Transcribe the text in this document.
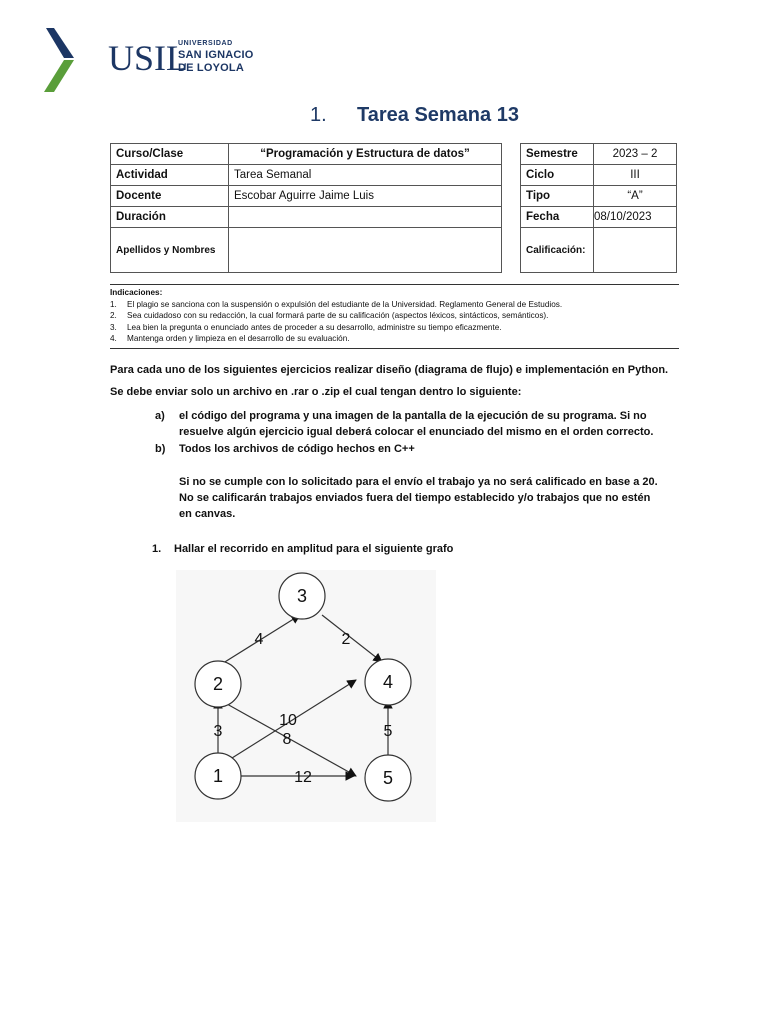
USIL
UNIVERSIDAD
SAN IGNACIO
DE LOYOLA
1.	Tarea Semana 13
Curso/Clase	“Programación y Estructura de datos”
Actividad	Tarea Semanal
Docente	Escobar Aguirre Jaime Luis
Duración	
Apellidos y Nombres	
Semestre	2023 – 2
Ciclo	III
Tipo	“A”
Fecha	08/10/2023
Calificación:	
Indicaciones:
1.	El plagio se sanciona con la suspensión o expulsión del estudiante de la Universidad. Reglamento General de Estudios.
2.	Sea cuidadoso con su redacción, la cual formará parte de su calificación (aspectos léxicos, sintácticos, semánticos).
3.	Lea bien la pregunta o enunciado antes de proceder a su desarrollo, administre su tiempo eficazmente.
4.	Mantenga orden y limpieza en el desarrollo de su evaluación.
Para cada uno de los siguientes ejercicios realizar diseño (diagrama de flujo) e implementación en Python.
Se debe enviar solo un archivo en .rar o .zip el cual tengan dentro lo siguiente:
a)	el código del programa y una imagen de la pantalla de la ejecución de su programa. Si no
resuelve algún ejercicio igual deberá colocar el enunciado del mismo en el orden correcto.
b)	Todos los archivos de código hechos en C++
Si no se cumple con lo solicitado para el envío el trabajo ya no será calificado en base a 20.
No se calificarán trabajos enviados fuera del tiempo establecido y/o trabajos que no estén
en canvas.
1.	Hallar el recorrido en amplitud para el siguiente grafo
3
2	4
1	5
4	2
3
10
8	5
12
